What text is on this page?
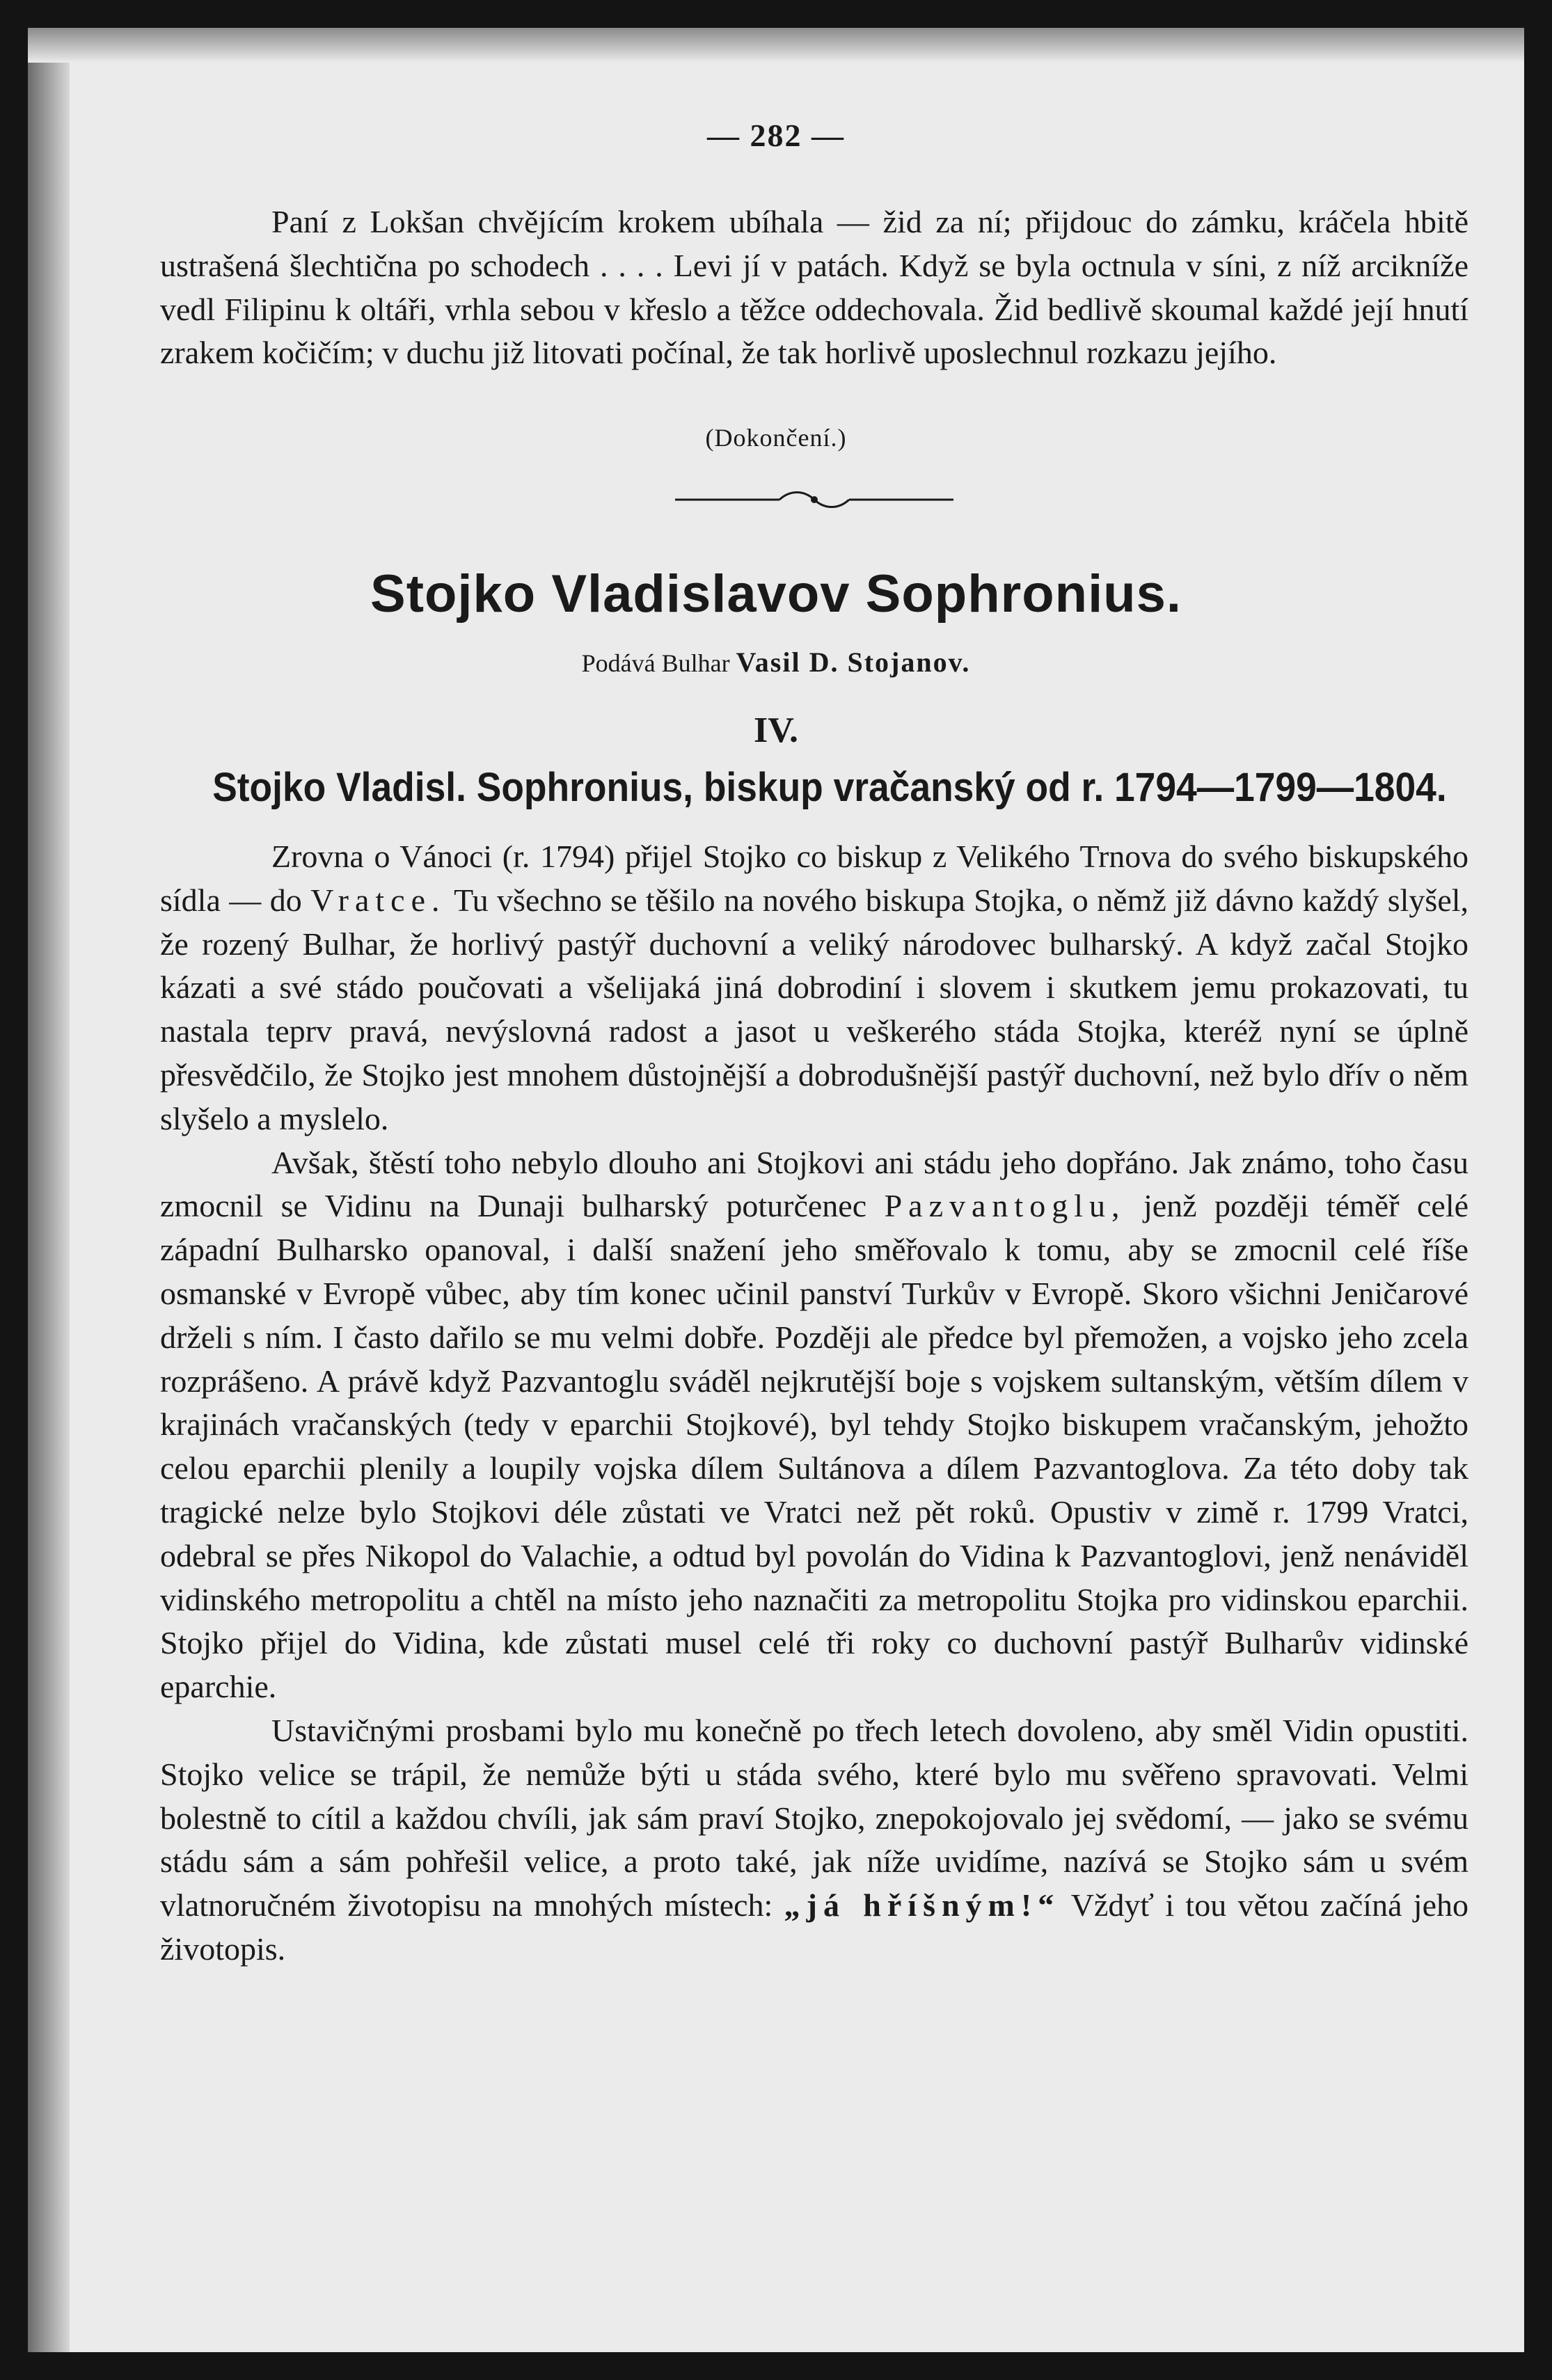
— 282 —

Paní z Lokšan chvějícím krokem ubíhala — žid za ní; přijdouc do zámku, kráčela hbitě ustrašená šlechtična po schodech . . . . Levi jí v patách. Když se byla octnula v síni, z níž arcikníže vedl Filipinu k oltáři, vrhla sebou v křeslo a těžce oddechovala. Žid bedlivě skoumal každé její hnutí zrakem kočičím; v duchu již litovati počínal, že tak horlivě uposlechnul rozkazu jejího.

(Dokončení.)
Stojko Vladislavov Sophronius.
Podává Bulhar Vasil D. Stojanov.
IV.
Stojko Vladisl. Sophronius, biskup vračanský od r. 1794—1799—1804.

Zrovna o Vánoci (r. 1794) přijel Stojko co biskup z Velikého Trnova do svého biskupského sídla — do Vratce. Tu všechno se těšilo na nového biskupa Stojka, o němž již dávno každý slyšel, že rozený Bulhar, že horlivý pastýř duchovní a veliký národovec bulharský. A když začal Stojko kázati a své stádo poučovati a všelijaká jiná dobrodiní i slovem i skutkem jemu prokazovati, tu nastala teprv pravá, nevýslovná radost a jasot u veškerého stáda Stojka, kteréž nyní se úplně přesvědčilo, že Stojko jest mnohem důstojnější a dobrodušnější pastýř duchovní, než bylo dřív o něm slyšelo a myslelo.

Avšak, štěstí toho nebylo dlouho ani Stojkovi ani stádu jeho dopřáno. Jak známo, toho času zmocnil se Vidinu na Dunaji bulharský poturčenec Pazvantoglu, jenž později téměř celé západní Bulharsko opanoval, i další snažení jeho směřovalo k tomu, aby se zmocnil celé říše osmanské v Evropě vůbec, aby tím konec učinil panství Turkův v Evropě. Skoro všichni Jeničarové drželi s ním. I často dařilo se mu velmi dobře. Později ale předce byl přemožen, a vojsko jeho zcela rozprášeno. A právě když Pazvantoglu sváděl nejkrutější boje s vojskem sultanským, větším dílem v krajinách vračanských (tedy v eparchii Stojkové), byl tehdy Stojko biskupem vračanským, jehožto celou eparchii plenily a loupily vojska dílem Sultánova a dílem Pazvantoglova. Za této doby tak tragické nelze bylo Stojkovi déle zůstati ve Vratci než pět roků. Opustiv v zimě r. 1799 Vratci, odebral se přes Nikopol do Valachie, a odtud byl povolán do Vidina k Pazvantoglovi, jenž nenáviděl vidinského metropolitu a chtěl na místo jeho naznačiti za metropolitu Stojka pro vidinskou eparchii. Stojko přijel do Vidina, kde zůstati musel celé tři roky co duchovní pastýř Bulharův vidinské eparchie.

Ustavičnými prosbami bylo mu konečně po třech letech dovoleno, aby směl Vidin opustiti. Stojko velice se trápil, že nemůže býti u stáda svého, které bylo mu svěřeno spravovati. Velmi bolestně to cítil a každou chvíli, jak sám praví Stojko, znepokojovalo jej svědomí, — jako se svému stádu sám a sám pohřešil velice, a proto také, jak níže uvidíme, nazívá se Stojko sám u svém vlatnoručném životopisu na mnohých místech: „já hříšným!“ Vždyť i tou větou začíná jeho životopis.
